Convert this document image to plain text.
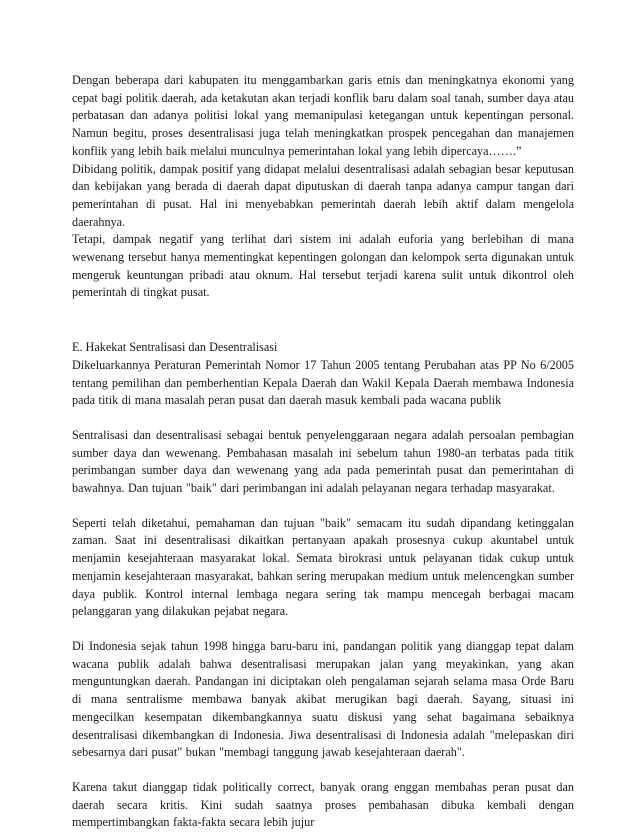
Dengan beberapa dari kabupaten itu menggambarkan garis etnis dan meningkatnya ekonomi yang cepat bagi politik daerah, ada ketakutan akan terjadi konflik baru dalam soal tanah, sumber daya atau perbatasan dan adanya politisi lokal yang memanipulasi ketegangan untuk kepentingan personal. Namun begitu, proses desentralisasi juga telah meningkatkan prospek pencegahan dan manajemen konflik yang lebih baik melalui munculnya pemerintahan lokal yang lebih dipercaya…….”

Dibidang politik, dampak positif yang didapat melalui desentralisasi adalah sebagian besar keputusan dan kebijakan yang berada di daerah dapat diputuskan di daerah tanpa adanya campur tangan dari pemerintahan di pusat. Hal ini menyebabkan pemerintah daerah lebih aktif dalam mengelola daerahnya.

Tetapi, dampak negatif yang terlihat dari sistem ini adalah euforia yang berlebihan di mana wewenang tersebut hanya mementingkat kepentingen golongan dan kelompok serta digunakan untuk mengeruk keuntungan pribadi atau oknum. Hal tersebut terjadi karena sulit untuk dikontrol oleh pemerintah di tingkat pusat.

E. Hakekat Sentralisasi dan Desentralisasi

Dikeluarkannya Peraturan Pemerintah Nomor 17 Tahun 2005 tentang Perubahan atas PP No 6/2005 tentang pemilihan dan pemberhentian Kepala Daerah dan Wakil Kepala Daerah membawa Indonesia pada titik di mana masalah peran pusat dan daerah masuk kembali pada wacana publik

Sentralisasi dan desentralisasi sebagai bentuk penyelenggaraan negara adalah persoalan pembagian sumber daya dan wewenang. Pembahasan masalah ini sebelum tahun 1980-an terbatas pada titik perimbangan sumber daya dan wewenang yang ada pada pemerintah pusat dan pemerintahan di bawahnya. Dan tujuan "baik" dari perimbangan ini adalah pelayanan negara terhadap masyarakat.

Seperti telah diketahui, pemahaman dan tujuan "baik" semacam itu sudah dipandang ketinggalan zaman. Saat ini desentralisasi dikaitkan pertanyaan apakah prosesnya cukup akuntabel untuk menjamin kesejahteraan masyarakat lokal. Semata birokrasi untuk pelayanan tidak cukup untuk menjamin kesejahteraan masyarakat, bahkan sering merupakan medium untuk melencengkan sumber daya publik. Kontrol internal lembaga negara sering tak mampu mencegah berbagai macam pelanggaran yang dilakukan pejabat negara.

Di Indonesia sejak tahun 1998 hingga baru-baru ini, pandangan politik yang dianggap tepat dalam wacana publik adalah bahwa desentralisasi merupakan jalan yang meyakinkan, yang akan menguntungkan daerah. Pandangan ini diciptakan oleh pengalaman sejarah selama masa Orde Baru di mana sentralisme membawa banyak akibat merugikan bagi daerah. Sayang, situasi ini mengecilkan kesempatan dikembangkannya suatu diskusi yang sehat bagaimana sebaiknya desentralisasi dikembangkan di Indonesia. Jiwa desentralisasi di Indonesia adalah "melepaskan diri sebesarnya dari pusat" bukan "membagi tanggung jawab kesejahteraan daerah".

Karena takut dianggap tidak politically correct, banyak orang enggan membahas peran pusat dan daerah secara kritis. Kini sudah saatnya proses pembahasan dibuka kembali dengan mempertimbangkan fakta-fakta secara lebih jujur
